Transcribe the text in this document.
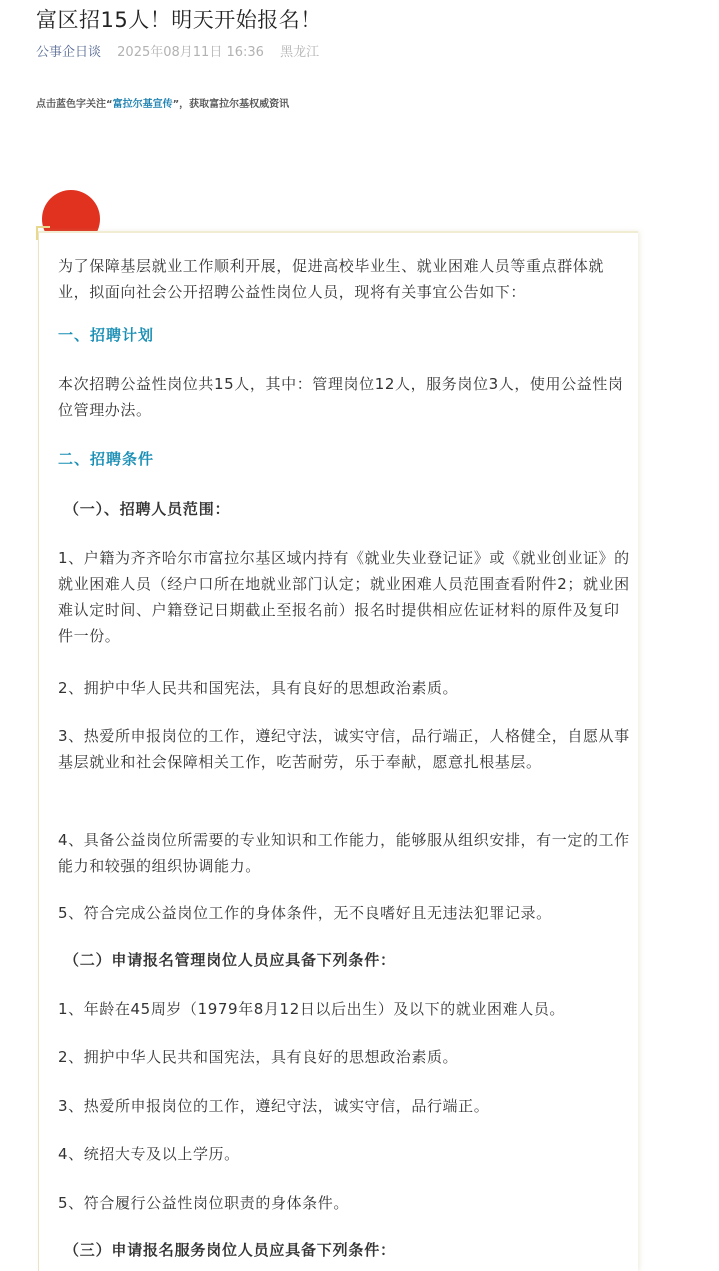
富区招15人！明天开始报名！
公事企日谈 2025年08月11日 16:36 黑龙江
点击蓝色字关注“富拉尔基宣传”，获取富拉尔基权威资讯

为了保障基层就业工作顺利开展，促进高校毕业生、就业困难人员等重点群体就业，拟面向社会公开招聘公益性岗位人员，现将有关事宜公告如下：

一、招聘计划

本次招聘公益性岗位共15人，其中：管理岗位12人，服务岗位3人，使用公益性岗位管理办法。

二、招聘条件

（一）、招聘人员范围：

1、户籍为齐齐哈尔市富拉尔基区域内持有《就业失业登记证》或《就业创业证》的就业困难人员（经户口所在地就业部门认定；就业困难人员范围查看附件2；就业困难认定时间、户籍登记日期截止至报名前）报名时提供相应佐证材料的原件及复印件一份。

2、拥护中华人民共和国宪法，具有良好的思想政治素质。

3、热爱所申报岗位的工作，遵纪守法，诚实守信，品行端正，人格健全，自愿从事基层就业和社会保障相关工作，吃苦耐劳，乐于奉献，愿意扎根基层。

4、具备公益岗位所需要的专业知识和工作能力，能够服从组织安排，有一定的工作能力和较强的组织协调能力。

5、符合完成公益岗位工作的身体条件，无不良嗜好且无违法犯罪记录。

（二）申请报名管理岗位人员应具备下列条件：

1、年龄在45周岁（1979年8月12日以后出生）及以下的就业困难人员。

2、拥护中华人民共和国宪法，具有良好的思想政治素质。

3、热爱所申报岗位的工作，遵纪守法，诚实守信，品行端正。

4、统招大专及以上学历。

5、符合履行公益性岗位职责的身体条件。

（三）申请报名服务岗位人员应具备下列条件：
